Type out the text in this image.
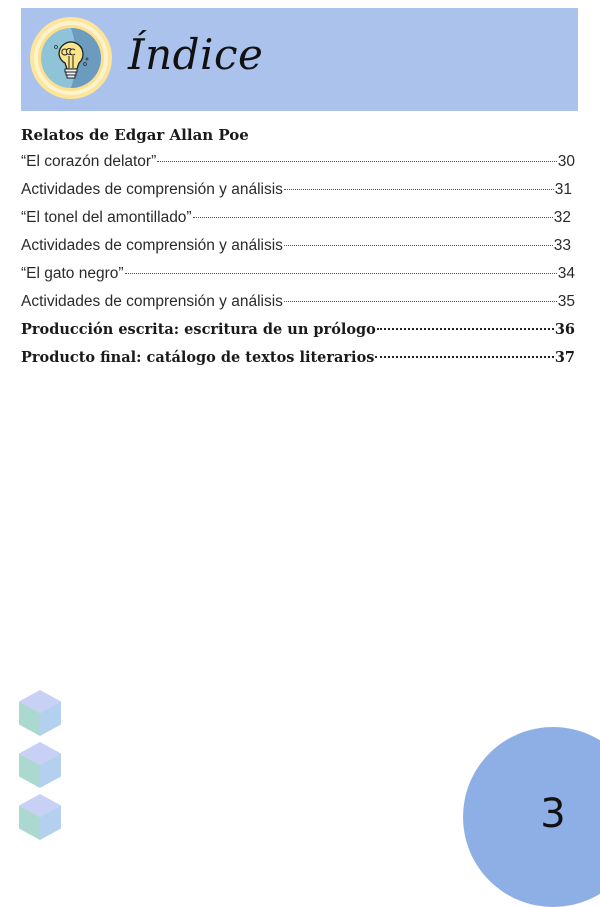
Índice
Relatos de Edgar Allan Poe
“El corazón delator”	30
Actividades de comprensión y análisis	31
“El tonel del amontillado”	32
Actividades de comprensión y análisis	33
“El gato negro”	34
Actividades de comprensión y análisis	35
Producción escrita: escritura de un prólogo	36
Producto final: catálogo de textos literarios	37
3
